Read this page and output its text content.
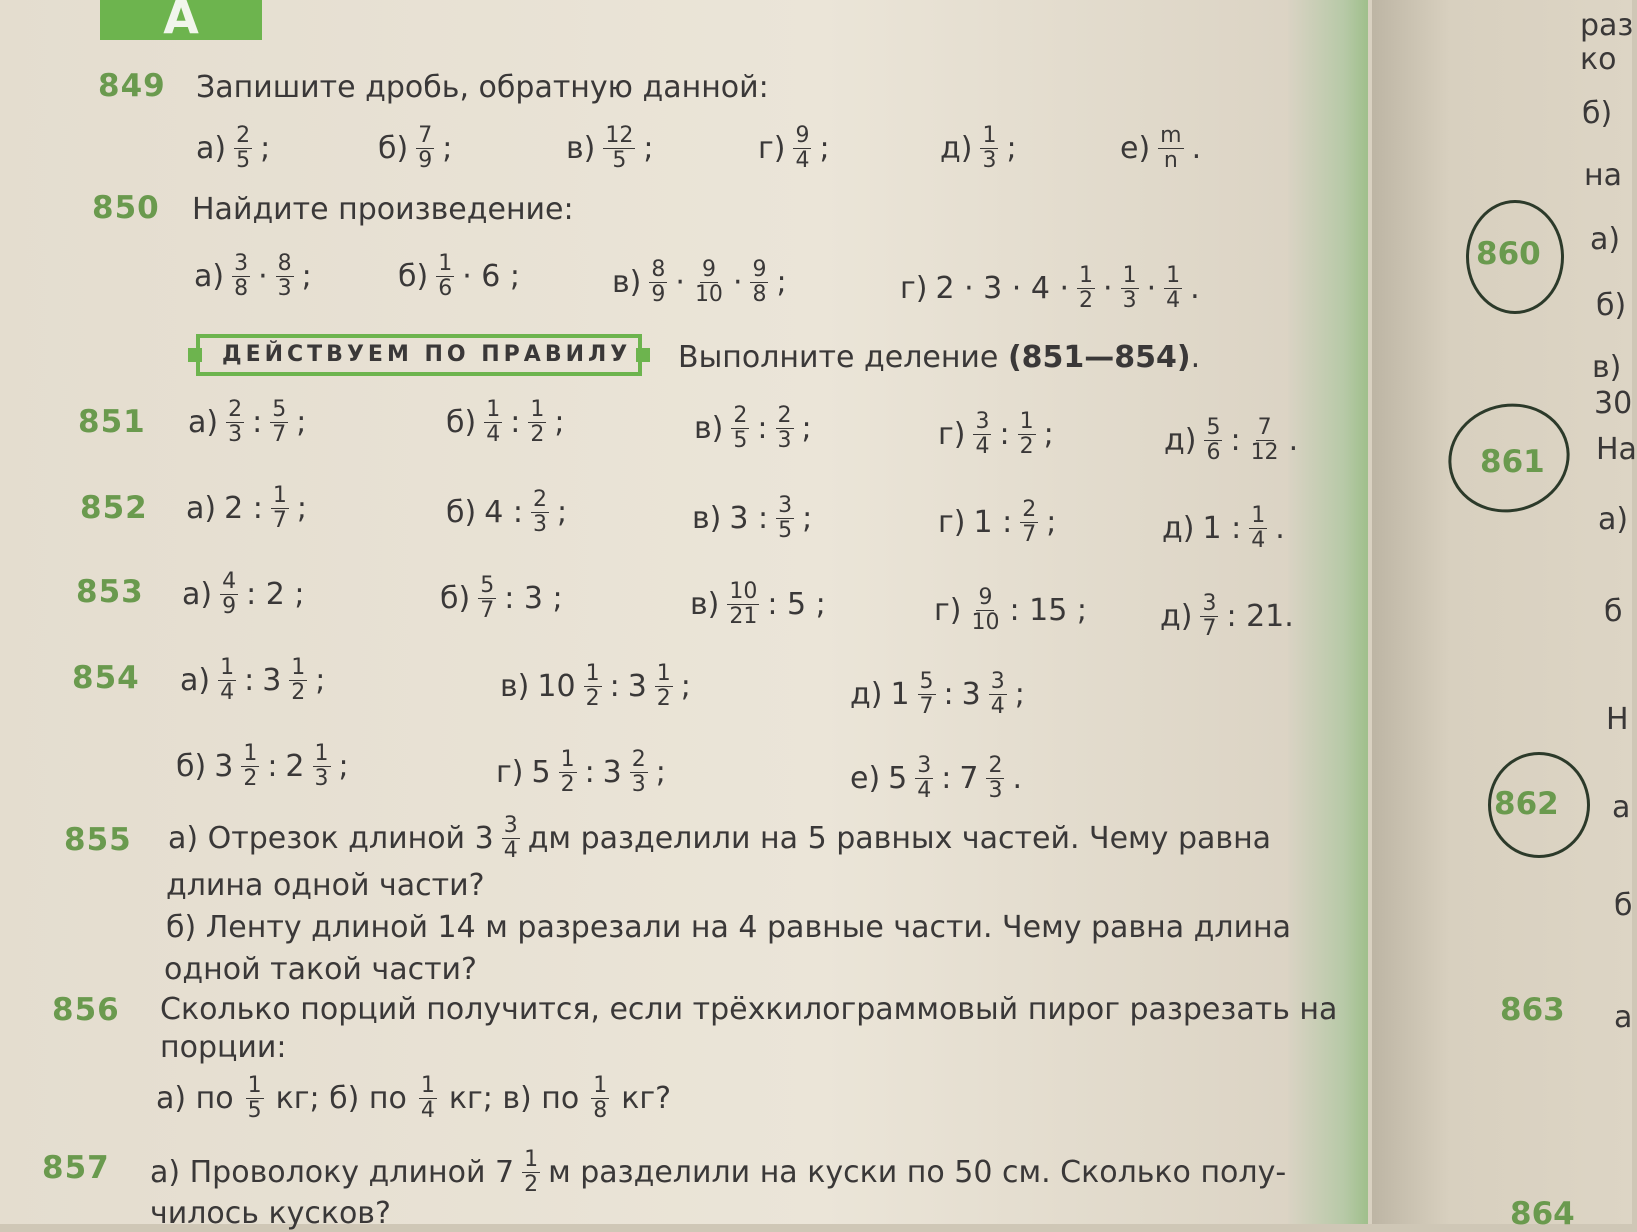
А
849 Запишите дробь, обратную данной:
850 Найдите произведение:
ДЕЙСТВУЕМ ПО ПРАВИЛУ	Выполните деление (851—854).
851
852
853
854
855 а) Отрезок длиной $3 \frac{3}{4}$ дм разделили на 5 равных частей. Чему равна
длина одной части?
б) Ленту длиной 14 м разрезали на 4 равные части. Чему равна длина
одной такой части?
856 Сколько порций получится, если трёхкилограммовый пирог разрезать на
порции:
а) по $\frac{1}{5}$ кг; б) по $\frac{1}{4}$ кг; в) по $\frac{1}{8}$ кг?
857 а) Проволоку длиной $7 \frac{1}{2}$ м разделили на куски по 50 см. Сколько полу-
чилось кусков?
раз
ко
б)
на
а)
б)
в)
30
На
а)
б
Н
а
б
а
860
861
862
863
864
$а) \frac{2}{5}$ ;	$б) \frac{7}{9}$ ;	$в) \frac{12}{5}$ ;	$г) \frac{9}{4}$ ;	$д) \frac{1}{3}$ ;	$е) \frac{m}{n}$ .
$а) \frac{3}{8} \cdot \frac{8}{3}$ ;	$б) \frac{1}{6} \cdot 6$ ;	$в) \frac{8}{9} \cdot \frac{9}{10} \cdot \frac{9}{8}$ ;	г) $2 \cdot 3 \cdot 4 \cdot \frac{1}{2} \cdot \frac{1}{3} \cdot \frac{1}{4}$ .
$а) \frac{2}{3}$ : $\frac{5}{7}$ ;	$б) \frac{1}{4}$ : $\frac{1}{2}$ ;	$в) \frac{2}{5}$ : $\frac{2}{3}$ ;	$г) \frac{3}{4}$ : $\frac{1}{2}$ ;	$д) \frac{5}{6}$ : $\frac{7}{12}$ .
а) 2 : $\frac{1}{7}$ ;	б) 4 : $\frac{2}{3}$ ;	в) 3 : $\frac{3}{5}$ ;	г) 1 : $\frac{2}{7}$ ;	д) 1 : $\frac{1}{4}$ .
$а) \frac{4}{9}$ : 2 ;	$б) \frac{5}{7}$ : 3 ;	$в) \frac{10}{21}$ : 5 ;	$г) \frac{9}{10}$ : 15 ; $д) \frac{3}{7}$ : 21.
$а) \frac{1}{4}$ : $3 \frac{1}{2}$ ;	в) $10 \frac{1}{2}$ : $3 \frac{1}{2}$ ;	д) $1 \frac{5}{7}$ : $3 \frac{3}{4}$ ;
б) $3 \frac{1}{2}$ : $2 \frac{1}{3}$ ;	г) $5 \frac{1}{2}$ : $3 \frac{2}{3}$ ;	е) $5 \frac{3}{4}$ : $7 \frac{2}{3}$ .
